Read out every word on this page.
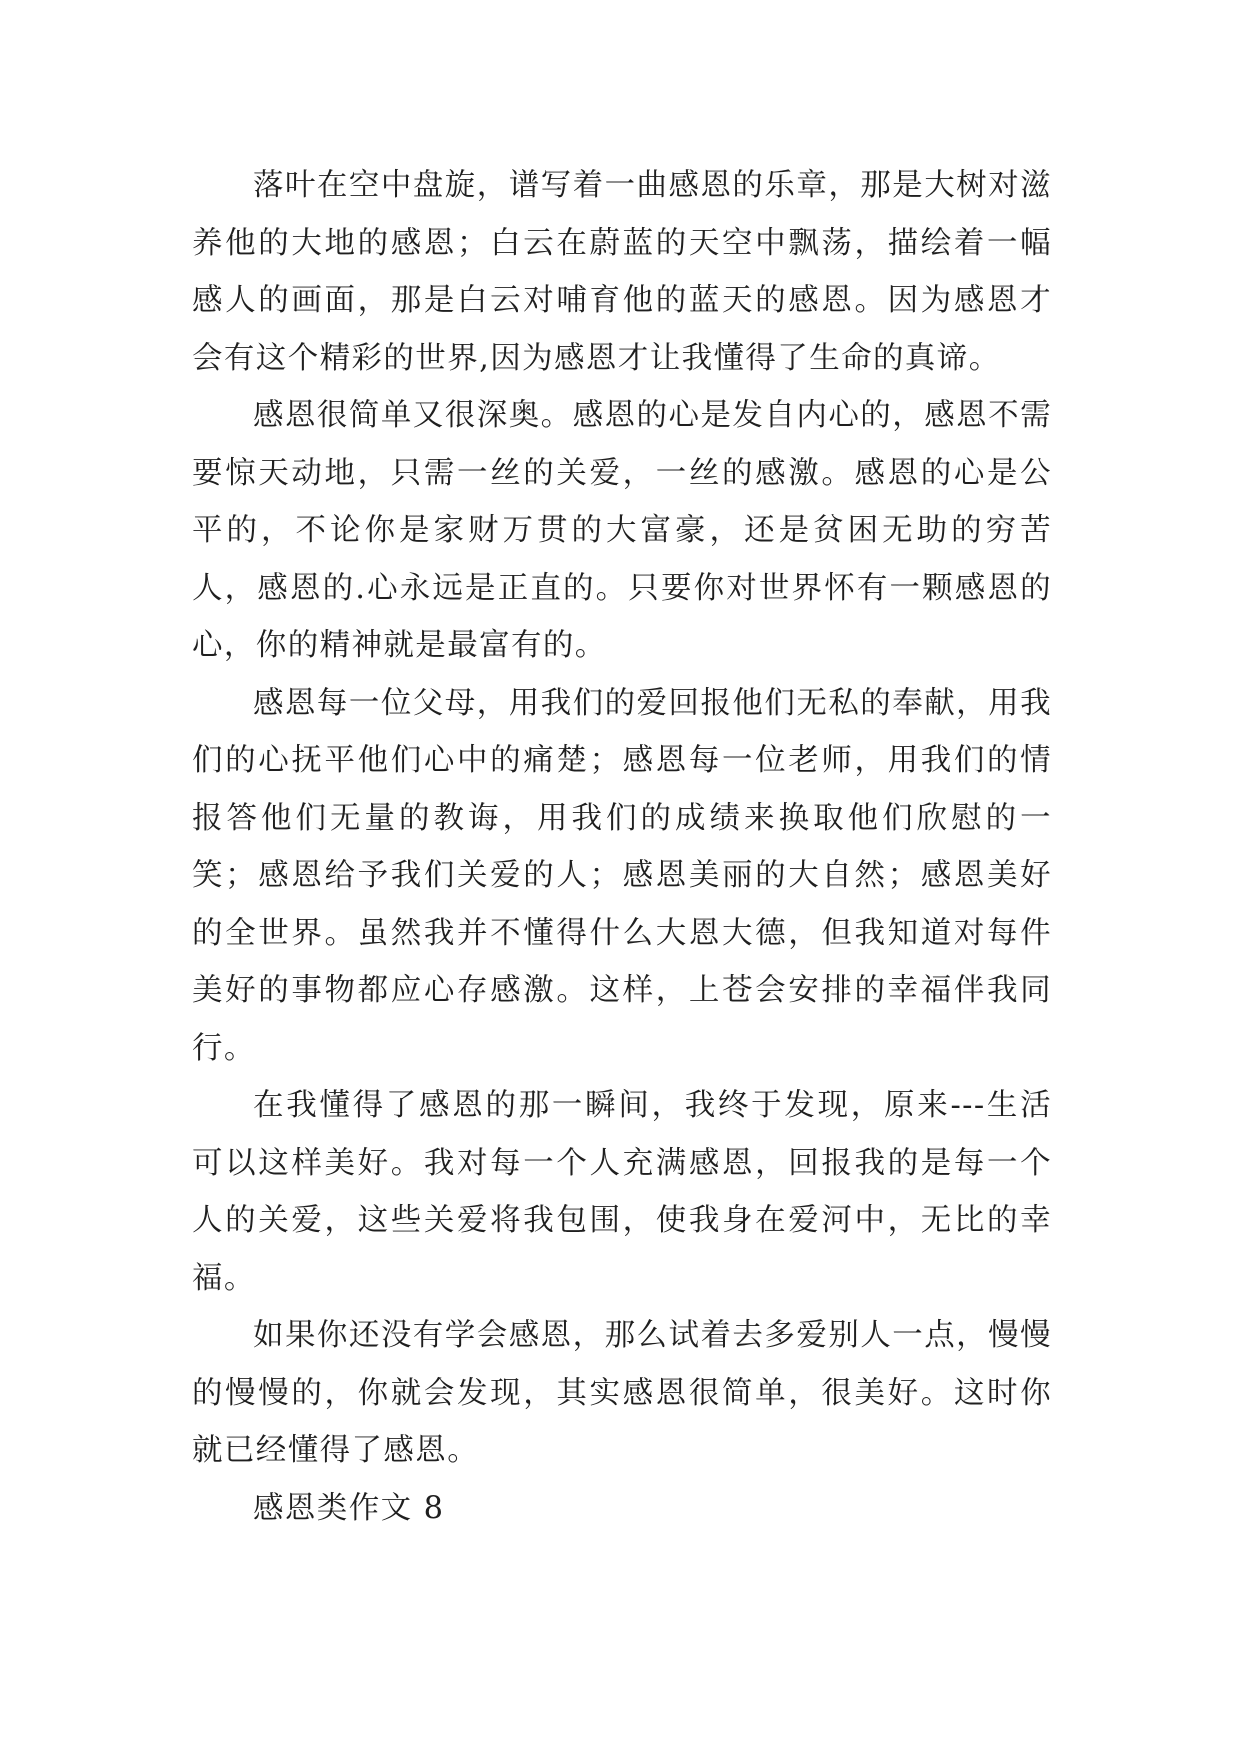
落叶在空中盘旋，谱写着一曲感恩的乐章，那是大树对滋养他的大地的感恩；白云在蔚蓝的天空中飘荡，描绘着一幅感人的画面，那是白云对哺育他的蓝天的感恩。因为感恩才会有这个精彩的世界,因为感恩才让我懂得了生命的真谛。

感恩很简单又很深奥。感恩的心是发自内心的，感恩不需要惊天动地，只需一丝的关爱，一丝的感激。感恩的心是公平的，不论你是家财万贯的大富豪，还是贫困无助的穷苦人，感恩的.心永远是正直的。只要你对世界怀有一颗感恩的心，你的精神就是最富有的。

感恩每一位父母，用我们的爱回报他们无私的奉献，用我们的心抚平他们心中的痛楚；感恩每一位老师，用我们的情报答他们无量的教诲，用我们的成绩来换取他们欣慰的一笑；感恩给予我们关爱的人；感恩美丽的大自然；感恩美好的全世界。虽然我并不懂得什么大恩大德，但我知道对每件美好的事物都应心存感激。这样，上苍会安排的幸福伴我同行。

在我懂得了感恩的那一瞬间，我终于发现，原来---生活可以这样美好。我对每一个人充满感恩，回报我的是每一个人的关爱，这些关爱将我包围，使我身在爱河中，无比的幸福。

如果你还没有学会感恩，那么试着去多爱别人一点，慢慢的慢慢的，你就会发现，其实感恩很简单，很美好。这时你就已经懂得了感恩。

感恩类作文 8
